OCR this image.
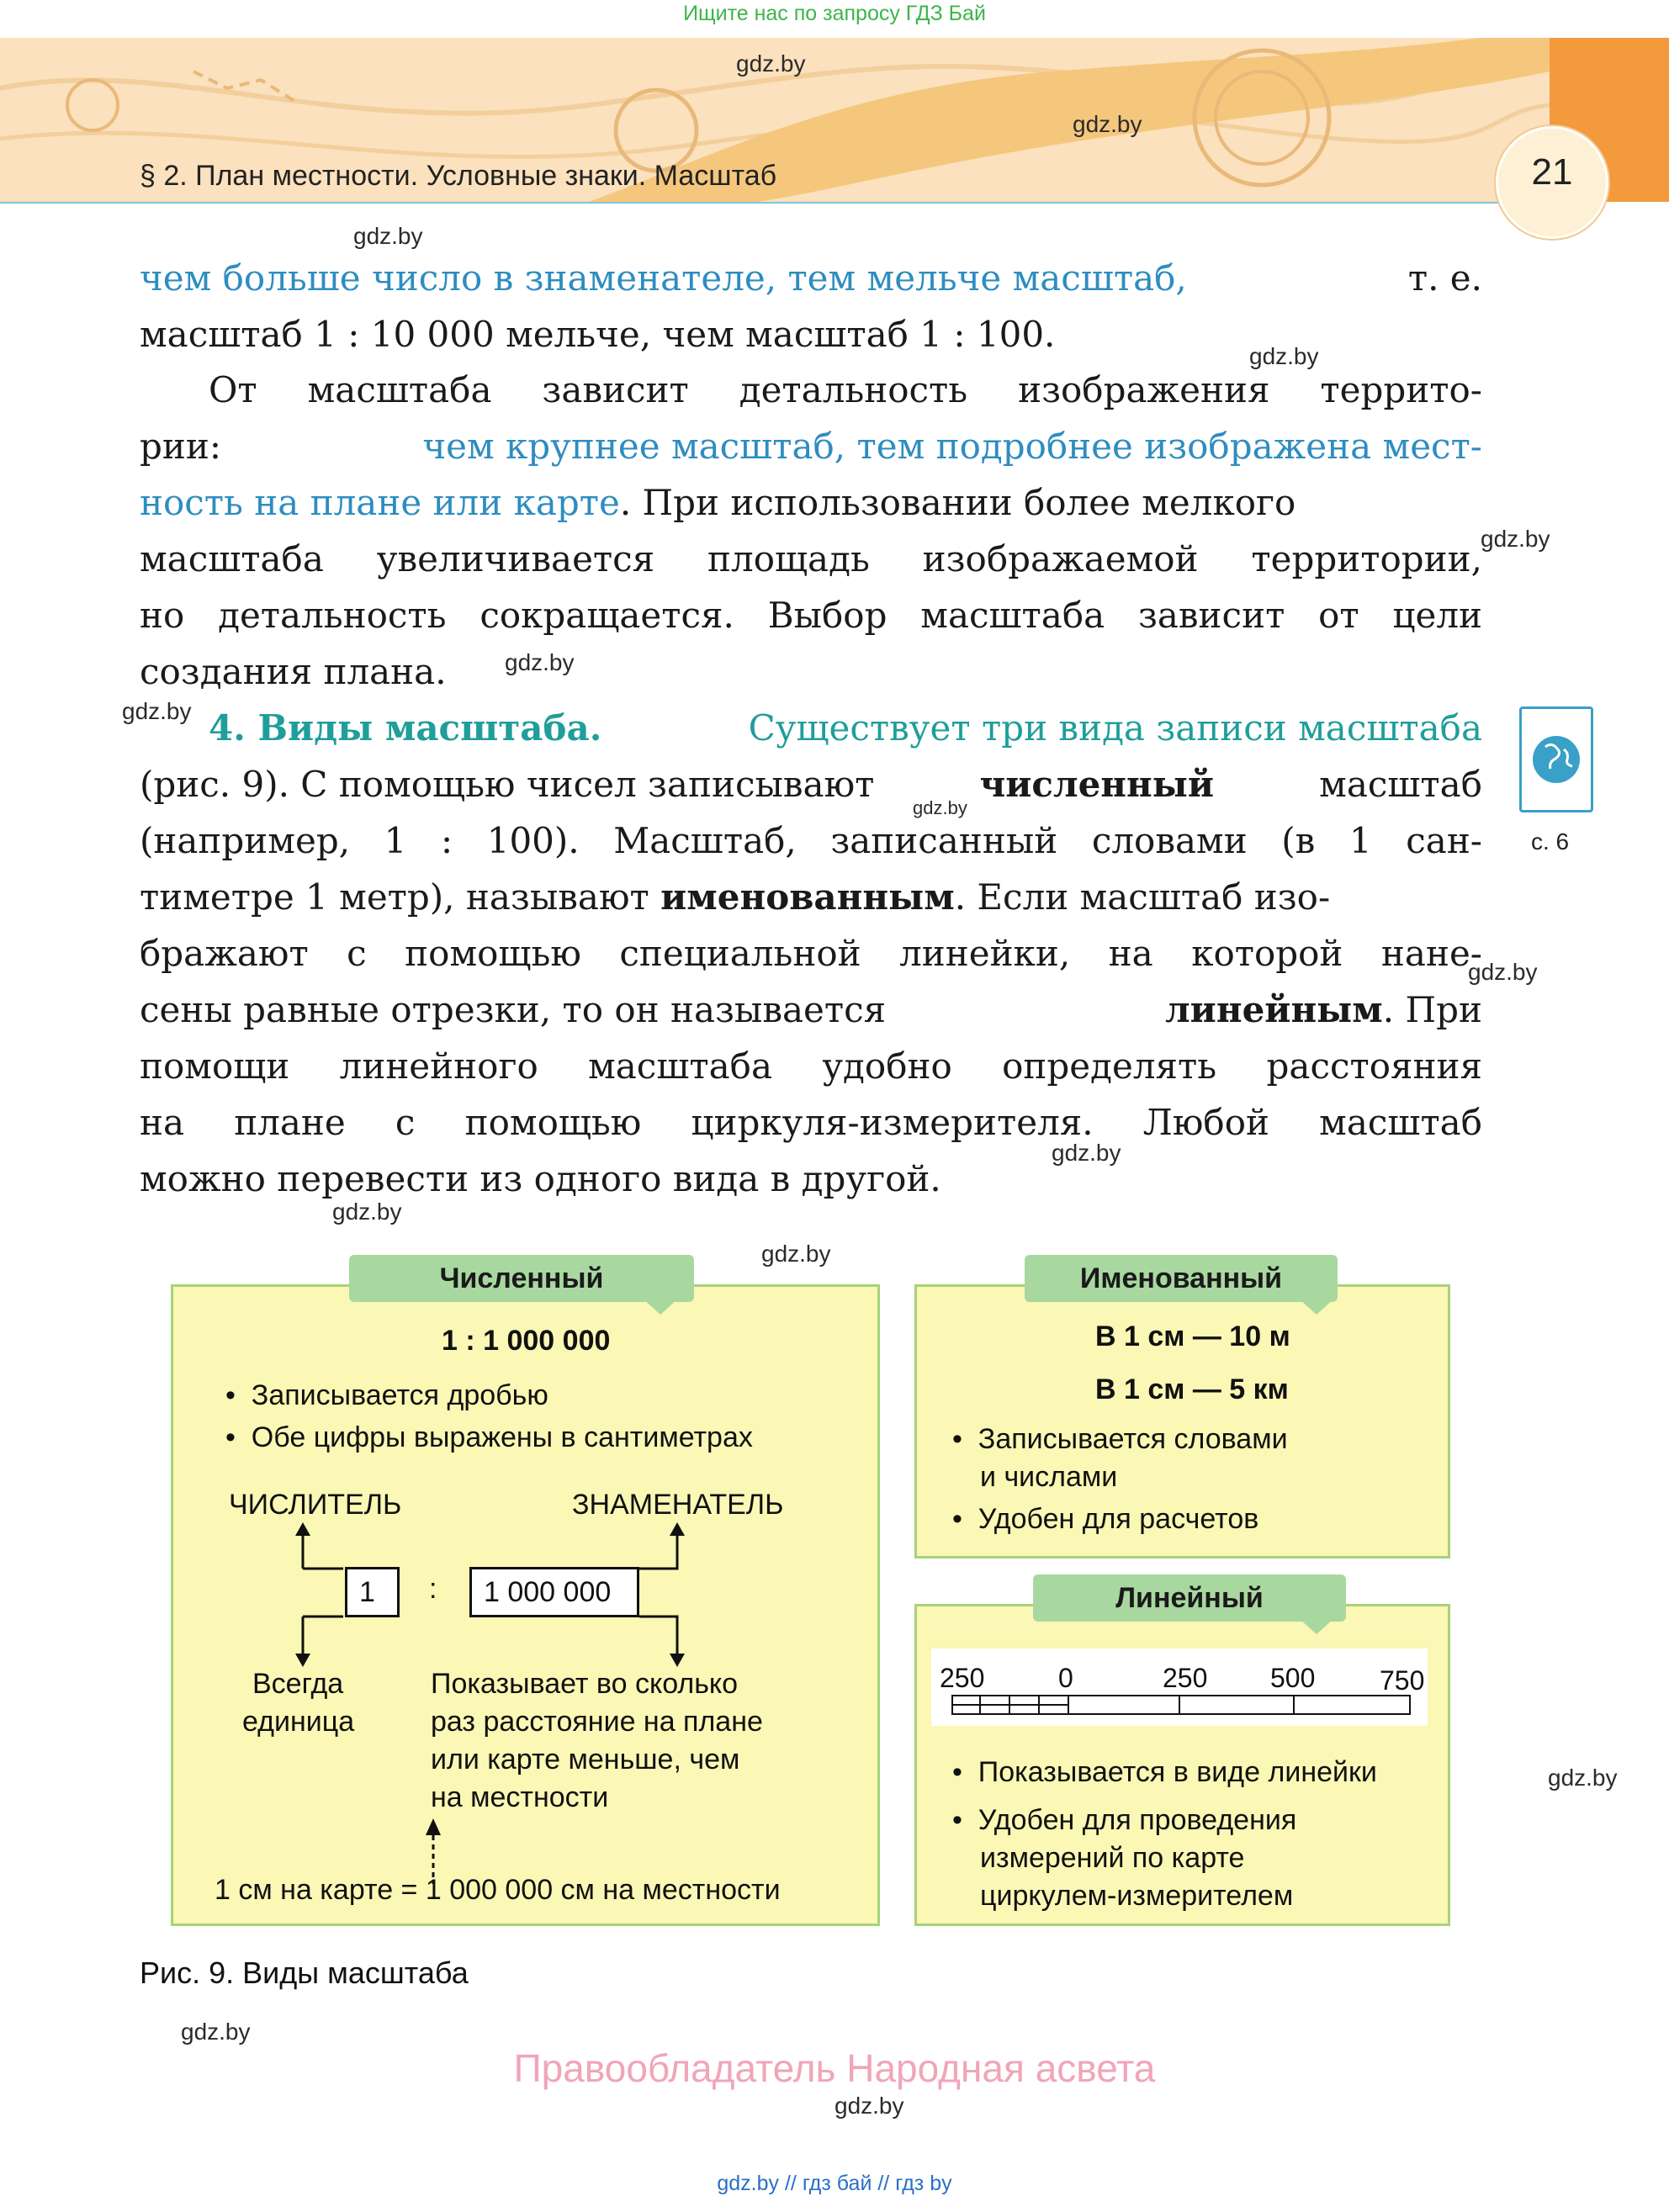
Ищите нас по запросу ГДЗ Бай
21
§ 2. План местности. Условные знаки. Масштаб
gdz.by
gdz.by
gdz.by
gdz.by
gdz.by
gdz.by
gdz.by
gdz.by
gdz.by
gdz.by
gdz.by
gdz.by
gdz.by
gdz.by
gdz.by
чем больше число в знаменателе, тем мельче масштаб,	т. е.
масштаб 1 : 10 000 мельче, чем масштаб 1 : 100.
От масштаба зависит детальность изображения террито-
рии:	чем крупнее масштаб, тем подробнее изображена мест-
ность на плане или карте. При использовании более мелкого
масштаба увеличивается площадь изображаемой территории,
но детальность сокращается. Выбор масштаба зависит от цели
создания плана.
4. Виды масштаба.	Существует три вида записи масштаба
(рис. 9). С помощью чисел записывают	численный	масштаб
(например, 1 : 100). Масштаб, записанный словами (в 1 сан-
тиметре 1 метр), называют именованным. Если масштаб изо-
бражают с помощью специальной линейки, на которой нане-
сены равные отрезки, то он называется	линейным. При
помощи линейного масштаба удобно определять расстояния
на плане с помощью циркуля-измерителя. Любой масштаб
можно перевести из одного вида в другой.
с. 6
Численный
1 : 1 000 000
•  Записывается дробью
•  Обе цифры выражены в сантиметрах
ЧИСЛИТЕЛЬ	ЗНАМЕНАТЕЛЬ
1	:	1 000 000
Всегда
единица
Показывает во сколько
раз расстояние на плане
или карте меньше, чем
на местности
1 см на карте = 1 000 000 см на местности
Именованный
В 1 см — 10 м
В 1 см — 5 км
•  Записывается словами
и числами
•  Удобен для расчетов
Линейный
250	0	250 500 750
•  Показывается в виде линейки
•  Удобен для проведения
измерений по карте
циркулем-измерителем
Рис. 9. Виды масштаба
Правообладатель Народная асвета
gdz.by // гдз бай // гдз by
